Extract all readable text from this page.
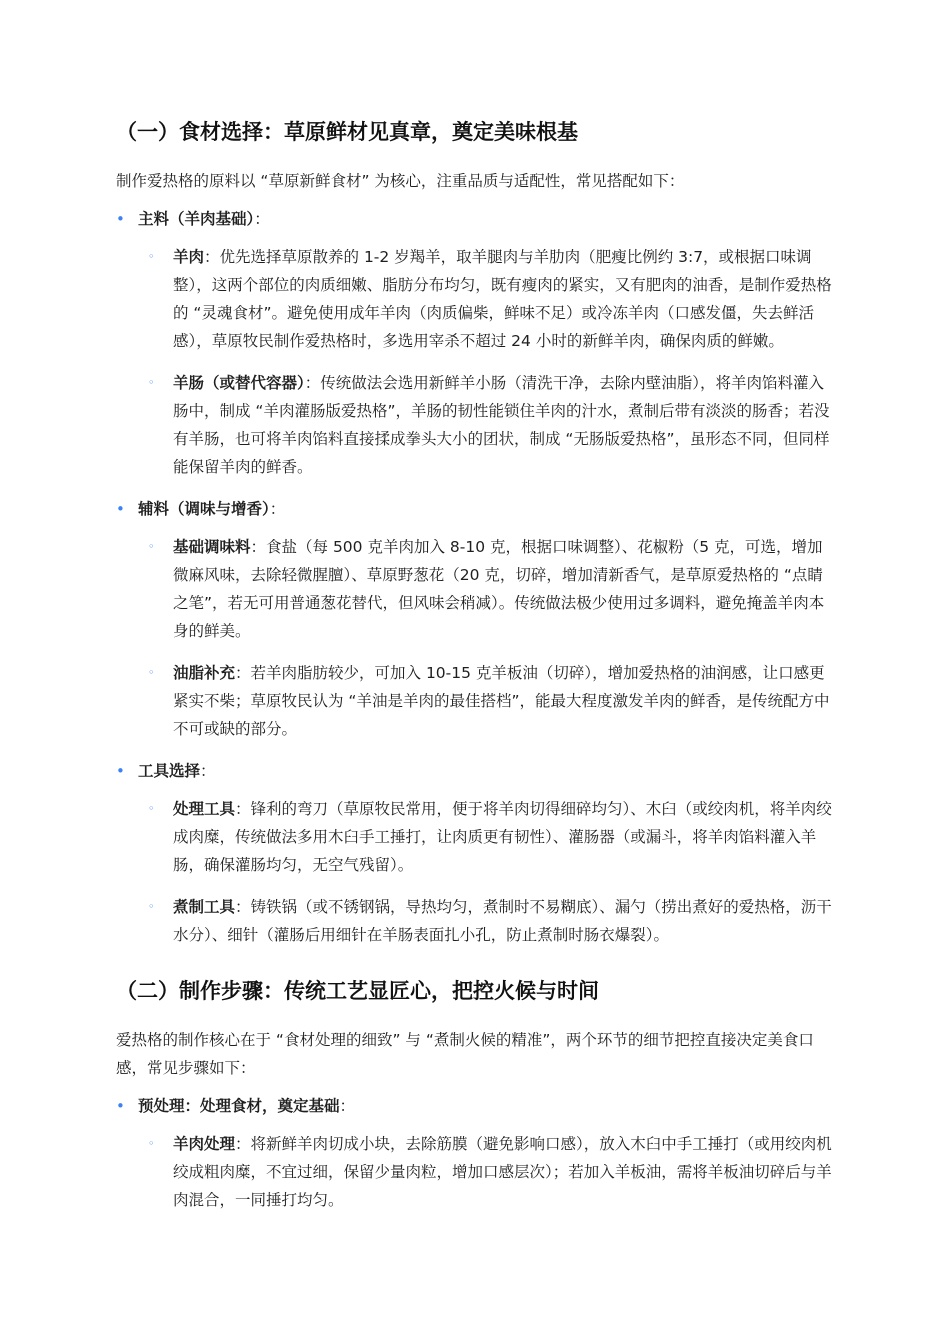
（一）食材选择：草原鲜材见真章，奠定美味根基

制作爱热格的原料以 “草原新鲜食材” 为核心，注重品质与适配性，常见搭配如下：

• 主料（羊肉基础）：
◦ 羊肉：优先选择草原散养的 1-2 岁羯羊，取羊腿肉与羊肋肉（肥瘦比例约 3:7，或根据口味调整），这两个部位的肉质细嫩、脂肪分布均匀，既有瘦肉的紧实，又有肥肉的油香，是制作爱热格的 “灵魂食材”。避免使用成年羊肉（肉质偏柴，鲜味不足）或冷冻羊肉（口感发僵，失去鲜活感），草原牧民制作爱热格时，多选用宰杀不超过 24 小时的新鲜羊肉，确保肉质的鲜嫩。
◦ 羊肠（或替代容器）：传统做法会选用新鲜羊小肠（清洗干净，去除内壁油脂），将羊肉馅料灌入肠中，制成 “羊肉灌肠版爱热格”，羊肠的韧性能锁住羊肉的汁水，煮制后带有淡淡的肠香；若没有羊肠，也可将羊肉馅料直接揉成拳头大小的团状，制成 “无肠版爱热格”，虽形态不同，但同样能保留羊肉的鲜香。
• 辅料（调味与增香）：
◦ 基础调味料：食盐（每 500 克羊肉加入 8-10 克，根据口味调整）、花椒粉（5 克，可选，增加微麻风味，去除轻微腥膻）、草原野葱花（20 克，切碎，增加清新香气，是草原爱热格的 “点睛之笔”，若无可用普通葱花替代，但风味会稍减）。传统做法极少使用过多调料，避免掩盖羊肉本身的鲜美。
◦ 油脂补充：若羊肉脂肪较少，可加入 10-15 克羊板油（切碎），增加爱热格的油润感，让口感更紧实不柴；草原牧民认为 “羊油是羊肉的最佳搭档”，能最大程度激发羊肉的鲜香，是传统配方中不可或缺的部分。
• 工具选择：
◦ 处理工具：锋利的弯刀（草原牧民常用，便于将羊肉切得细碎均匀）、木臼（或绞肉机，将羊肉绞成肉糜，传统做法多用木臼手工捶打，让肉质更有韧性）、灌肠器（或漏斗，将羊肉馅料灌入羊肠，确保灌肠均匀，无空气残留）。
◦ 煮制工具：铸铁锅（或不锈钢锅，导热均匀，煮制时不易糊底）、漏勺（捞出煮好的爱热格，沥干水分）、细针（灌肠后用细针在羊肠表面扎小孔，防止煮制时肠衣爆裂）。
（二）制作步骤：传统工艺显匠心，把控火候与时间

爱热格的制作核心在于 “食材处理的细致” 与 “煮制火候的精准”，两个环节的细节把控直接决定美食口感，常见步骤如下：

• 预处理：处理食材，奠定基础：
◦ 羊肉处理：将新鲜羊肉切成小块，去除筋膜（避免影响口感），放入木臼中手工捶打（或用绞肉机绞成粗肉糜，不宜过细，保留少量肉粒，增加口感层次）；若加入羊板油，需将羊板油切碎后与羊肉混合，一同捶打均匀。
